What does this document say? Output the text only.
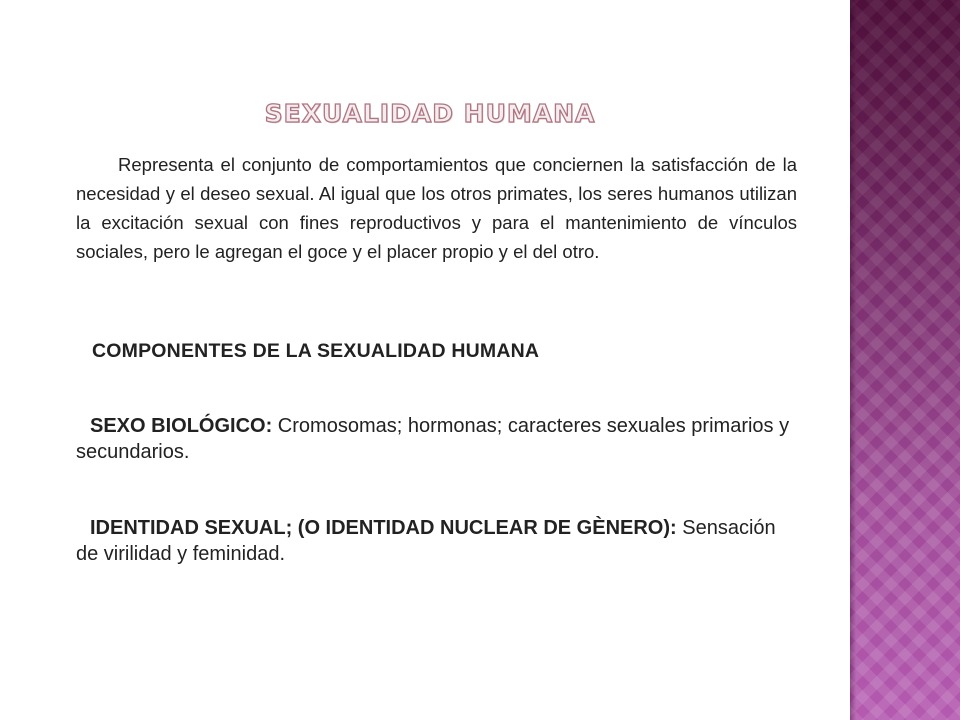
SEXUALIDAD HUMANA

Representa el conjunto de comportamientos que conciernen la satisfacción de la necesidad y el deseo sexual. Al igual que los otros primates, los seres humanos utilizan la excitación sexual con fines reproductivos y para el mantenimiento de vínculos sociales, pero le agregan el goce y el placer propio y el del otro.

COMPONENTES DE LA SEXUALIDAD HUMANA

SEXO BIOLÓGICO: Cromosomas; hormonas; caracteres sexuales primarios y secundarios.

IDENTIDAD SEXUAL; (O IDENTIDAD NUCLEAR DE GÈNERO): Sensación de virilidad y feminidad.
